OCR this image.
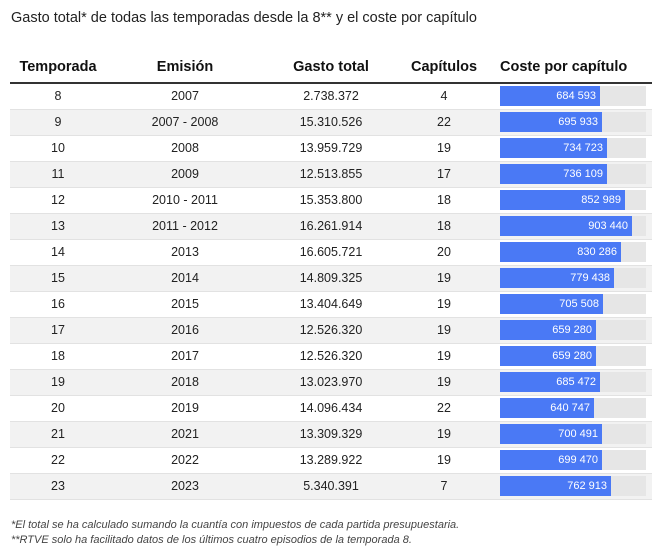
Gasto total* de todas las temporadas desde la 8** y el coste por capítulo
Temporada	Emisión	Gasto total	Capítulos	Coste por capítulo
8	2007	2.738.372	4	684 593

9	2007 - 2008	15.310.526	22	695 933

10	2008	13.959.729	19	734 723

11	2009	12.513.855	17	736 109

12	2010 - 2011	15.353.800	18	852 989

13	2011 - 2012	16.261.914	18	903 440

14	2013	16.605.721	20	830 286

15	2014	14.809.325	19	779 438

16	2015	13.404.649	19	705 508

17	2016	12.526.320	19	659 280

18	2017	12.526.320	19	659 280

19	2018	13.023.970	19	685 472

20	2019	14.096.434	22	640 747

21	2021	13.309.329	19	700 491

22	2022	13.289.922	19	699 470

23	2023	5.340.391	7	762 913
*El total se ha calculado sumando la cuantía con impuestos de cada partida presupuestaria.
**RTVE solo ha facilitado datos de los últimos cuatro episodios de la temporada 8.
